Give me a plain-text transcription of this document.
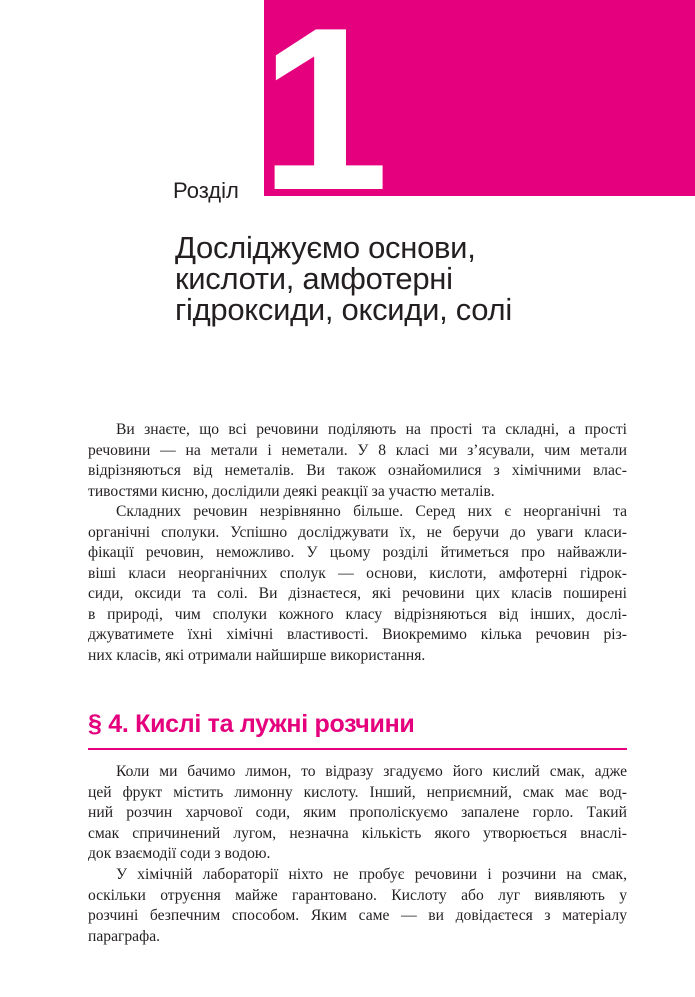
1
Розділ
Досліджуємо основи,
кислоти, амфотерні
гідроксиди, оксиди, солі

Ви знаєте, що всі речовини поділяють на прості та складні, а прості
речовини — на метали і неметали. У 8 класі ми з’ясували, чим метали
відрізняються від неметалів. Ви також ознайомилися з хімічними влас-
тивостями кисню, дослідили деякі реакції за участю металів.

Складних речовин незрівнянно більше. Серед них є неорганічні та
органічні сполуки. Успішно досліджувати їх, не беручи до уваги класи-
фікації речовин, неможливо. У цьому розділі йтиметься про найважли-
віші класи неорганічних сполук — основи, кислоти, амфотерні гідрок-
сиди, оксиди та солі. Ви дізнаєтеся, які речовини цих класів поширені
в природі, чим сполуки кожного класу відрізняються від інших, дослі-
джуватимете їхні хімічні властивості. Виокремимо кілька речовин різ-
них класів, які отримали найширше використання.

§ 4. Кислі та лужні розчини

Коли ми бачимо лимон, то відразу згадуємо його кислий смак, адже
цей фрукт містить лимонну кислоту. Інший, неприємний, смак має вод-
ний розчин харчової соди, яким прополіскуємо запалене горло. Такий
смак спричинений лугом, незначна кількість якого утворюється внаслі-
док взаємодії соди з водою.

У хімічній лабораторії ніхто не пробує речовини і розчини на смак,
оскільки отруєння майже гарантовано. Кислоту або луг виявляють у
розчині безпечним способом. Яким саме — ви довідаєтеся з матеріалу
параграфа.
